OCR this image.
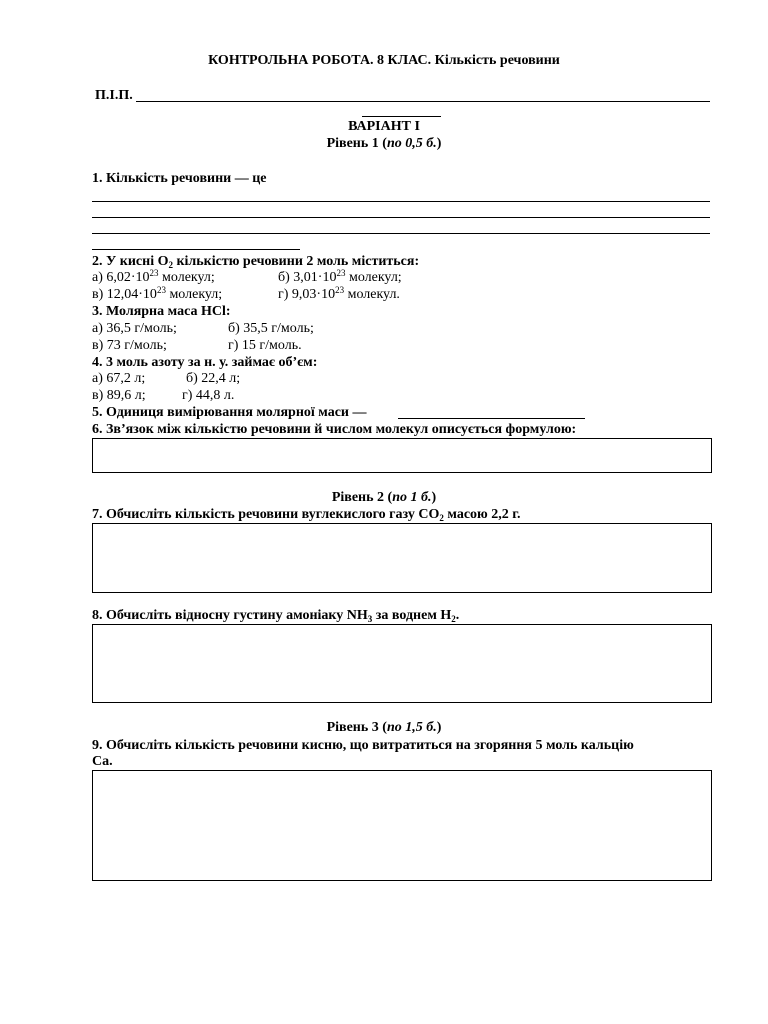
КОНТРОЛЬНА РОБОТА. 8 КЛАС. Кількість речовини
П.І.П.
ВАРІАНТ І
Рівень 1 (по 0,5 б.)
1. Кількість речовини — це
2. У кисні $O_2$ кількістю речовини 2 моль міститься:
а) $6,02\cdot 10^{23}$ молекул;	б) $3,01\cdot 10^{23}$ молекул;
в) $12,04\cdot 10^{23}$ молекул;	г) $9,03\cdot 10^{23}$ молекул.
3. Молярна маса HCl:
а) 36,5 г/моль;	б) 35,5 г/моль;
в) 73 г/моль;	г) 15 г/моль.
4. 3 моль азоту за н. у. займає об’єм:
а) 67,2 л;	б) 22,4 л;
в) 89,6 л;	г) 44,8 л.
5. Одиниця вимірювання молярної маси —
6. Зв’язок між кількістю речовини й числом молекул описується формулою:
Рівень 2 (по 1 б.)
7. Обчисліть кількість речовини вуглекислого газу $CO_2$ масою 2,2 г.
8. Обчисліть відносну густину амоніаку $NH_3$ за воднем $H_2$.
Рівень 3 (по 1,5 б.)
9. Обчисліть кількість речовини кисню, що витратиться на згоряння 5 моль кальцію
Ca.
